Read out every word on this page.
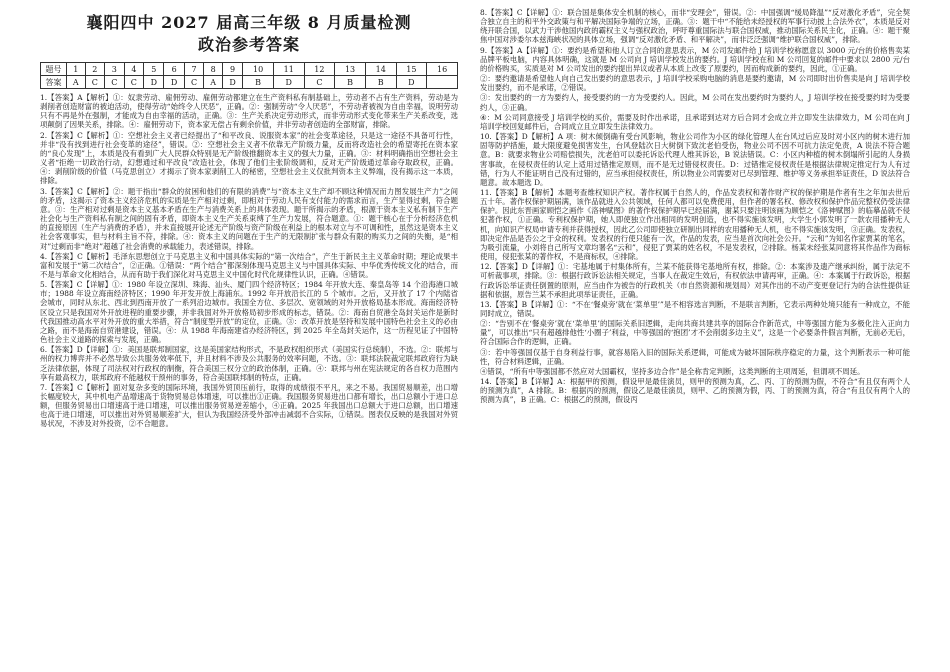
襄阳四中 2027 届高三年级 8 月质量检测
政治参考答案
题号	1	2	3	4	5	6	7	8	9	10	11	12	13	14	15	16
答案	A	C	C	C	D	D	C	A	D	B	D	C	B	B	D	

1.【答案】A【解析】①：奴隶劳动、雇佣劳动、雇佣劳动都建立在生产资料私有制基础上，劳动者不占有生产资料，劳动是为剥削者创造财富的被迫活动，使得劳动“始终令人厌恶”，正确。②：强制劳动“令人厌恶”，不劳动者被视为自由幸福，说明劳动只有不再是外在强制，才能成为自由幸福的活动，正确。③：生产关系决定劳动形式，而非劳动形式变化带来生产关系改变，选项颠倒了因果关系，排除。④：雇佣劳动下，资本家无偿占有剩余价值，并非劳动者创造的全部财富，排除。

2.【答案】C【解析】①：空想社会主义者已经提出了“和平改良、说服资本家”的社会变革途径，只是这一途径不具备可行性，并非“没有找到进行社会变革的途径”，错误。②：空想社会主义者不依靠无产阶级力量，反而将改造社会的希望寄托在资本家的“良心发现”上，本质是没有看到广大人民群众特别是无产阶级推翻资本主义的强大力量，正确。③：材料明确指出空想社会主义者“拒绝一切政治行动，幻想通过和平改良”改造社会，体现了他们主张阶级调和，反对无产阶级通过革命夺取政权，正确。④：剥削阶级的价值（马克思创立）才揭示了资本家剥削工人的秘密，空想社会主义仅批判资本主义弊端，没有揭示这一本质，排除。

3.【答案】C【解析】②：题干指出“群众的贫困和他们的有限的消费”与“资本主义生产却不顾这种情况而力图发展生产力”之间的矛盾，这揭示了资本主义经济危机的实质是生产相对过剩，即相对于劳动人民有支付能力的需求而言，生产显得过剩，符合题意。③：生产相对过剩是资本主义基本矛盾在生产与消费关系上的具体表现。题干所揭示的矛盾，根源于资本主义私有制下生产社会化与生产资料私有制之间的固有矛盾，即资本主义生产关系束缚了生产力发展，符合题意。①：题干核心在于分析经济危机的直接原因（生产与消费的矛盾），并未直接展开论述无产阶级与资产阶级在利益上的根本对立与不可调和性，虽然这是资本主义社会客观事实，但与材料主旨不符，排除。④：资本主义的问题在于生产的无限制扩张与群众有限的购买力之间的失衡，是“相对”过剩而非“绝对”超越了社会消费的承载能力，表述错误，排除。

4.【答案】C【解析】毛泽东思想创立于马克思主义和中国具体实际的“第一次结合”，产生于新民主主义革命时期；理论成果丰富和发展于“第二次结合”，②正确。①错误：“两个结合”都深刻体现马克思主义与中国具体实际、中华优秀传统文化的结合，而不是与革命文化相结合，从而有助于我们深化对马克思主义中国化时代化规律性认识，正确。④错误。

5.【答案】C【详解】①：1980 年设立深圳、珠海、汕头、厦门四个经济特区；1984 年开放大连、秦皇岛等 14 个沿海港口城市；1988 年设立海南经济特区；1990 年开发开放上海浦东。1992 年开放沿长江的 5 个城市。之后，又开放了 17 个内陆省会城市，同时从东北、西北到西南开放了一系列沿边城市。我国全方位、多层次、宽领域的对外开放格局基本形成。海南经济特区设立只是我国对外开放进程的重要步骤，并非我国对外开放格局初步形成的标志，错误。②：海南自贸港全岛封关运作是新时代我国推动高水平对外开放的重大举措，符合“制度型开放”的定位，正确。③：改革开放是坚持和发展中国特色社会主义的必由之路，而不是海南自贸港建设，错误。④：从 1988 年海南建省办经济特区，到 2025 年全岛封关运作，这一历程见证了中国特色社会主义道路的探索与发展，正确。

6.【答案】D【详解】①：美国是联邦制国家，这是美国家结构形式，不是政权组织形式（美国实行总统制），不选。②：联邦与州的权力博弈并不必然导致公共服务效率低下，并且材料不涉及公共服务的效率问题，不选。③：联邦法院裁定联邦政府行为缺乏法律依据，体现了司法权对行政权的制衡，符合美国三权分立的政治体制，正确。④：联邦与州在宪法规定的各自权力范围内享有最高权力，联邦政府不能越权干预州的事务，符合美国联邦制的特点，正确。

7.【答案】C【解析】面对复杂多变的国际环境，我国外贸顶压前行，取得的成绩很不平凡，来之不易。我国贸易顺差，出口增长幅度较大，其中机电产品增速高于货物贸易总体增速，可以推出①正确。我国服务贸易进出口都有增长，出口总额小于进口总额，但服务贸易出口增速高于进口增速，可以推出服务贸易逆差缩小，④正确。2025 年我国出口总额大于进口总额，出口增速也高于进口增速，可以推出对外贸易顺差扩大，但认为我国经济受外部冲击减弱不合实际，①错误。图表仅反映的是我国对外贸易状况，不涉及对外投资，②不合题意。

8.【答案】C【详解】①：联合国是集体安全机制的核心，而非“安理会”，错误。②：中国强调“缓局降温”“反对激化矛盾”，完全契合独立自主的和平外交政策与和平解决国际争端的立场，正确。③：题干中“不能给未经授权的军事行动披上合法外衣”，本质是反对绕开联合国，以武力干涉他国内政的霸权主义与强权政治，呼吁尊重国际法与联合国权威，推动国际关系民主化，正确。④：题干聚焦中国对涉委尔本兹海峡状况的具体立场，强调“反对激化矛盾、和平解决”，而非泛泛强调“维护联合国权威”，排除。

9.【答案】A【详解】①：要约是希望和他人订立合同的意思表示，M 公司发邮件给 J 培训学校称愿意以 3000 元/台的价格售卖某品牌平板电脑，内容具体明确，这就是 M 公司向 J 培训学校发出的要约。J 培训学校在和 M 公司回复的邮件中要求以 2800 元/台的价格购买，实质是对 M 公司发出的要约提出异议或者从本质上改变了原要约，因而构成新的要约，因此，①正确。

②：要约邀请是希望他人向自己发出要约的意思表示，J 培训学校采购电脑的消息是要约邀请，M 公司即时出价售卖是向 J 培训学校发出要约，而不是承诺，②错误。

③：发出要约的一方为要约人，接受要约的一方为受要约人。因此，M 公司在发出要约时为要约人，J 培训学校在接受要约时为受要约人，③正确。

④：M 公司同意接受 J 培训学校的买价，需要及时作出承诺，且承诺到达对方后合同才会成立并立即发生法律效力，M 公司在向 J 培训学校回复邮件后，合同成立且立即发生法律效力。

10.【答案】D【解析】A 项：树木倾倒确有受台风影响，物业公司作为小区的绿化管理人在台风过后应及时对小区内的树木进行加固等防护措施，最大限度避免损害发生，台风登陆次日大树倒下致沈老伯受伤，物业公司不因不可抗力法定免责，A 说法不符合题意。B：就要求物业公司赔偿损失，沈老伯可以委托诉讼代理人维其诉讼，B 说法错误。C：小区内种植的树木倒塌所引起的人身损害事故，在侵权责任的认定上适用过错推定原则，而不是无过错侵权责任。D：过错推定侵权责任是根据法律规定推定行为人有过错，行为人不能证明自己没有过错的，应当承担侵权责任，所以物业公司需要对已尽到管理、维护等义务承担举证责任，D 说法符合题意。故本题选 D。

11.【答案】B【解析】本题考查维权知识产权。著作权属于自然人的，作品发表权和著作财产权的保护期是作者有生之年加去世后五十年。著作权保护期届满，该作品就进入公共领域，任何人都可以免费使用，但作者的署名权、修改权和保护作品完整权仍受法律保护。因此东晋画家顾恺之画作《洛神赋图》的著作权保护期早已经届满，谢某只要注明该画为顾恺之《洛神赋图》的临摹品就不侵犯著作权，①正确。专利权保护期，她人即使独立作出相同的发明创造，也不得实施该发明，大学生小郭发明了一款农用播种无人机，向知识产权局申请专利并获得授权，因此乙公司即使独立研制出同样的农用播种无人机，也不得实施该发明，③正确。发表权，即决定作品是否公之于众的权利。发表权的行使只能有一次，作品的发表，应当是首次向社会公开。“云和”为知名作家贾某的笔名，为吸引流量，小刘将自己所写文章均署名“云和”，侵犯了贾某的姓名权，不是发表权，②排除。杨某未经张某同意将其作品作为商标使用，侵犯张某的著作权，不是商标权，④排除。

12.【答案】D【详解】①：宅基地属于村集体所有，兰某不能获得宅基地所有权，排除。②：本案涉及遗产继承纠纷，属于法定不可析裁事项，排除。③：根据行政诉讼法相关规定，当事人在裁定生效后，有权依法申请再审，正确。④：本案属于行政诉讼，根据行政诉讼举证责任倒置的原则，应当由作为被告的行政机关（市自然资源和规划局）对其作出的不动产变更登记行为的合法性提供证据和依据，原告兰某不承担此项举证责任，正确。

13.【答案】B【详解】①：“不在‘餐桌旁’就在‘菜单里’”是不相容选言判断，不是联言判断，它表示两种处境只能有一种成立，不能同时成立，错误。

②：“告别不在‘餐桌旁’就在‘菜单里’的国际关系旧逻辑，走向共商共建共享的国际合作新范式，中等强国方能为多极化注入正向力量”，可以推出“只有超越排他性‘小圈子’利益，中等强国的‘抱团’才不会削弱多边主义”，这是一个必要条件假言判断，无前必无后，符合国际合作的逻辑，正确。

③：若中等强国仅基于自身利益行事，就容易陷入旧的国际关系逻辑，可能成为破坏国际秩序稳定的力量，这个判断表示一种可能性，符合材料逻辑，正确。

④错误，“所有中等强国都不然应对大国霸权，坚持多边合作”是全称肯定判断，这类判断的主项周延，但谓项不周延。

14.【答案】B【详解】A：根据甲的预测，假设甲是最佳演员，则甲的预测为真，乙、丙、丁的预测为假，不符合“有且仅有两个人的预测为真”，A 排除。B：根据丙的预测，假设乙是最佳演员，则甲、乙的预测为假，丙、丁的预测为真，符合“有且仅有两个人的预测为真”，B 正确。C：根据乙的预测，假设丙
